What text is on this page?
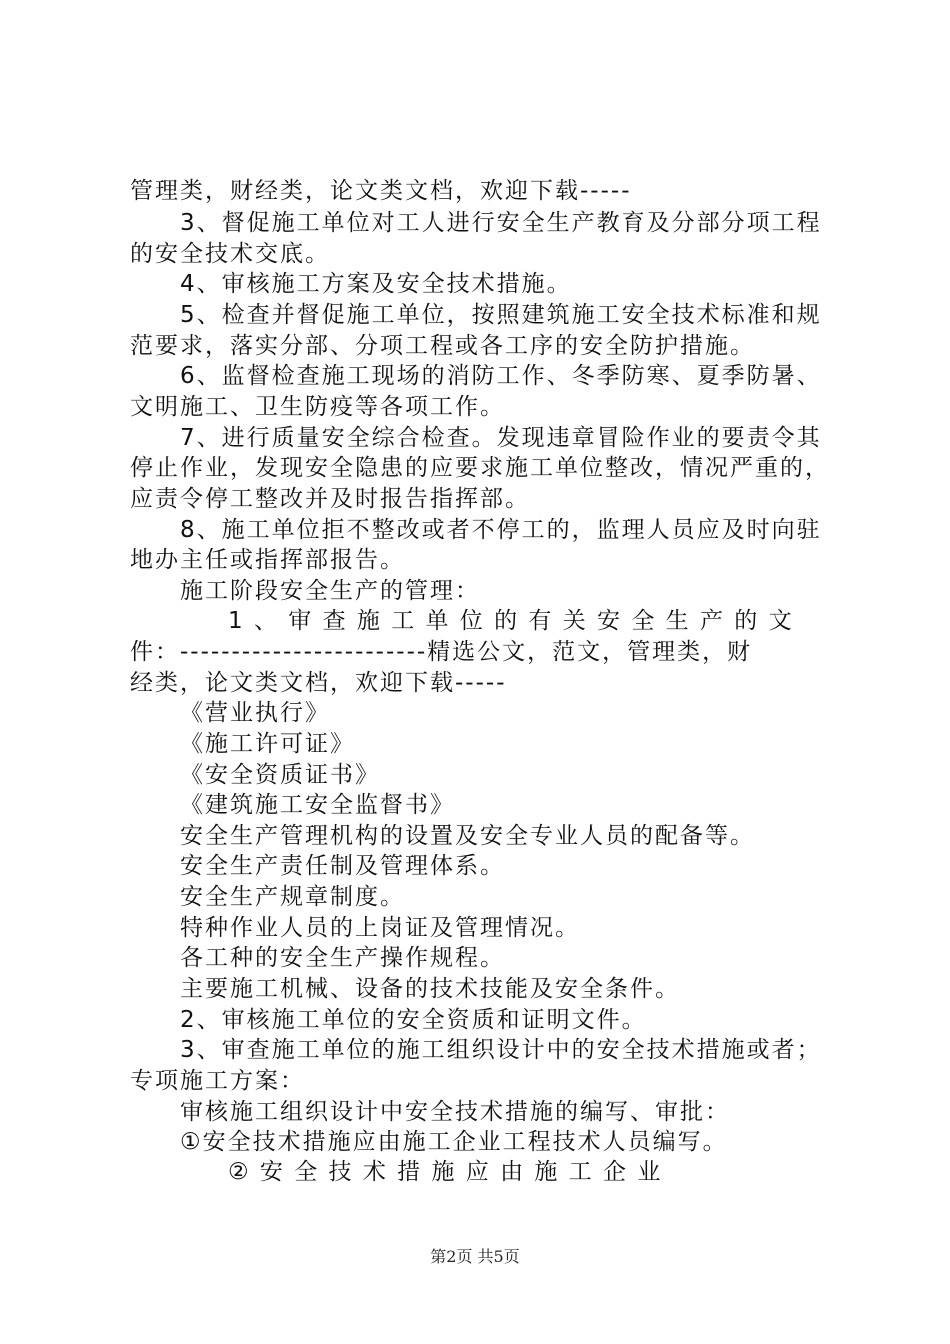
管理类，财经类，论文类文档，欢迎下载-----
3、督促施工单位对工人进行安全生产教育及分部分项工程
的安全技术交底。
4、审核施工方案及安全技术措施。
5、检查并督促施工单位，按照建筑施工安全技术标准和规
范要求，落实分部、分项工程或各工序的安全防护措施。
6、监督检查施工现场的消防工作、冬季防寒、夏季防暑、
文明施工、卫生防疫等各项工作。
7、进行质量安全综合检查。发现违章冒险作业的要责令其
停止作业，发现安全隐患的应要求施工单位整改，情况严重的，
应责令停工整改并及时报告指挥部。
8、施工单位拒不整改或者不停工的，监理人员应及时向驻
地办主任或指挥部报告。
施工阶段安全生产的管理：
1 、 审 查 施 工 单 位 的 有 关 安 全 生 产 的 文
件：------------------------精选公文，范文，管理类，财
经类，论文类文档，欢迎下载-----
《营业执行》
《施工许可证》
《安全资质证书》
《建筑施工安全监督书》
安全生产管理机构的设置及安全专业人员的配备等。
安全生产责任制及管理体系。
安全生产规章制度。
特种作业人员的上岗证及管理情况。
各工种的安全生产操作规程。
主要施工机械、设备的技术技能及安全条件。
2、审核施工单位的安全资质和证明文件。
3、审查施工单位的施工组织设计中的安全技术措施或者；
专项施工方案：
审核施工组织设计中安全技术措施的编写、审批：
①安全技术措施应由施工企业工程技术人员编写。
② 安 全 技 术 措 施 应 由 施 工 企 业
第2页 共5页
